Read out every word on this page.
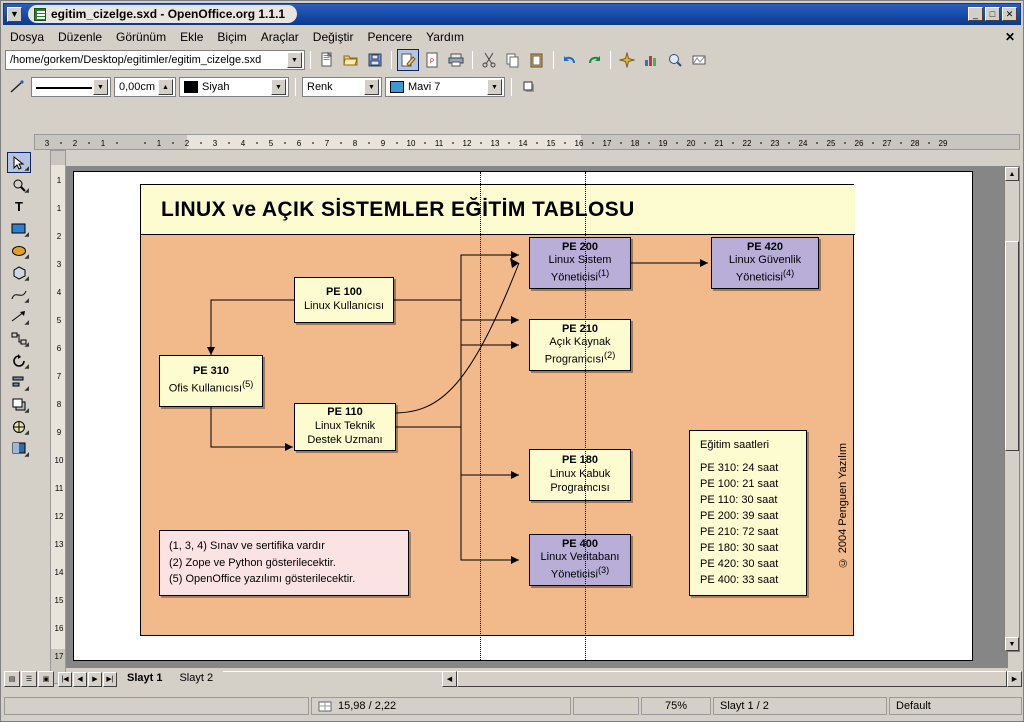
▼	egitim_cizelge.sxd - OpenOffice.org 1.1.1	_	□	✕
Dosya	Düzenle	Görünüm	Ekle	Biçim	Araçlar	Değiştir	Pencere	Yardım	✕
/home/gorkem/Desktop/egitimler/egitim_cizelge.sxd	▼	P
▼	0,00cm ▲	Siyah	▼	Renk	▼	Mavi 7	▼
◢
◢
T
◢
◢
◢
◢
◢
◢
◢
◢
◢
◢
◢
3	2	1	1	2	3	4	5	6	7	8	9	10 11 12 13 14 15 16 17 18 19 20 21 22 23 24 25 26 27 28 29
1
1
2
3
4
5
6
7
8
9
10
11
12
13
14
15
16
17
LINUX ve AÇIK SİSTEMLER EĞİTİM TABLOSU
PE 100
Linux Kullanıcısı
PE 310
Ofis Kullanıcısı$^{(5)}$
PE 110
Linux Teknik
Destek Uzmanı
PE 200
Linux Sistem
Yöneticisi$^{(1)}$
PE 420
Linux Güvenlik
Yöneticisi$^{(4)}$
PE 210
Açık Kaynak
Programcısı$^{(2)}$
PE 180
Linux Kabuk
Programcısı
PE 400
Linux Veritabanı
Yöneticisi$^{(3)}$
(1, 3, 4) Sınav ve sertifika vardır
(2) Zope ve Python gösterilecektir.
(5) OpenOffice yazılımı gösterilecektir.
Eğitim saatleri
PE 310: 24 saat
PE 100: 21 saat
PE 110: 30 saat
PE 200: 39 saat
PE 210: 72 saat
PE 180: 30 saat
PE 420: 30 saat
PE 400: 33 saat
© 2004 Penguen Yazılım
▲
▼
▤	☰	▣	|◀	◀	▶	▶|	Slayt 1	Slayt 2	◀	▶
15,98 / 2,22	75%	Slayt 1 / 2	Default
